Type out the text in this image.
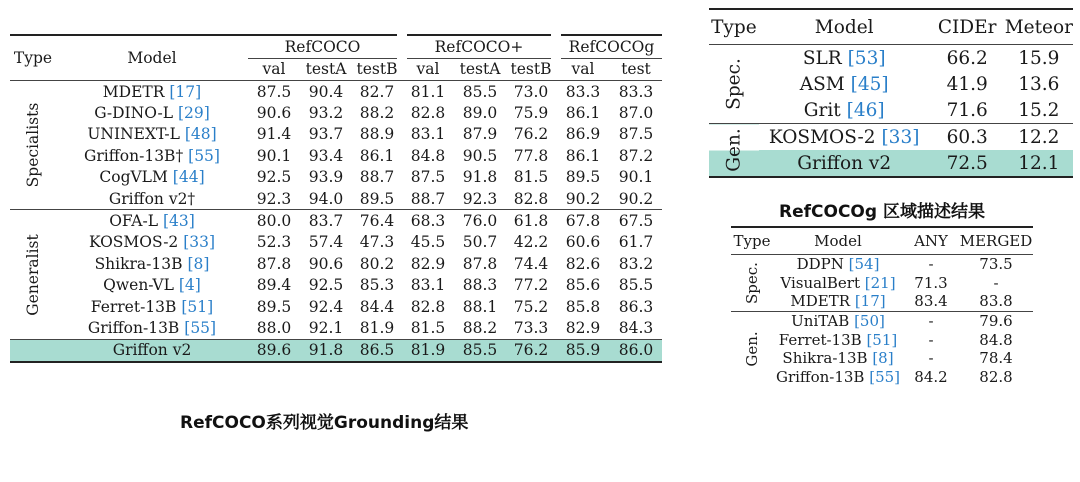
Type	Model	RefCOCO			RefCOCO+			RefCOCOg	
		val	testA	testB	val	testA	testB	val	test

Specialists	MDETR [17]	87.5	90.4	82.7	81.1	85.5	73.0	83.3	83.3
	G-DINO-L [29]	90.6	93.2	88.2	82.8	89.0	75.9	86.1	87.0
	UNINEXT-L [48]	91.4	93.7	88.9	83.1	87.9	76.2	86.9	87.5
	Griffon-13B† [55]	90.1	93.4	86.1	84.8	90.5	77.8	86.1	87.2
	CogVLM [44]	92.5	93.9	88.7	87.5	91.8	81.5	89.5	90.1
	Griffon v2†	92.3	94.0	89.5	88.7	92.3	82.8	90.2	90.2

Generalist	OFA-L [43]	80.0	83.7	76.4	68.3	76.0	61.8	67.8	67.5
	KOSMOS-2 [33]	52.3	57.4	47.3	45.5	50.7	42.2	60.6	61.7
	Shikra-13B [8]	87.8	90.6	80.2	82.9	87.8	74.4	82.6	83.2
	Qwen-VL [4]	89.4	92.5	85.3	83.1	88.3	77.2	85.6	85.5
	Ferret-13B [51]	89.5	92.4	84.4	82.8	88.1	75.2	85.8	86.3
	Griffon-13B [55]	88.0	92.1	81.9	81.5	88.2	73.3	82.9	84.3
	Griffon v2	89.6	91.8	86.5	81.9	85.5	76.2	85.9	86.0
RefCOCO系列视觉Grounding结果
Type	Model	CIDEr	Meteor

Spec.	SLR [53]	66.2	15.9
	ASM [45]	41.9	13.6
	Grit [46]	71.6	15.2

Gen.	KOSMOS-2 [33]	60.3	12.2
	Griffon v2	72.5	12.1
RefCOCOg 区域描述结果
Type	Model	ANY	MERGED

Spec.	DDPN [54]	-	73.5
	VisualBert [21]	71.3	-
	MDETR [17]	83.4	83.8

Gen.	UniTAB [50]	-	79.6
	Ferret-13B [51]	-	84.8
	Shikra-13B [8]	-	78.4
	Griffon-13B [55]	84.2	82.8
